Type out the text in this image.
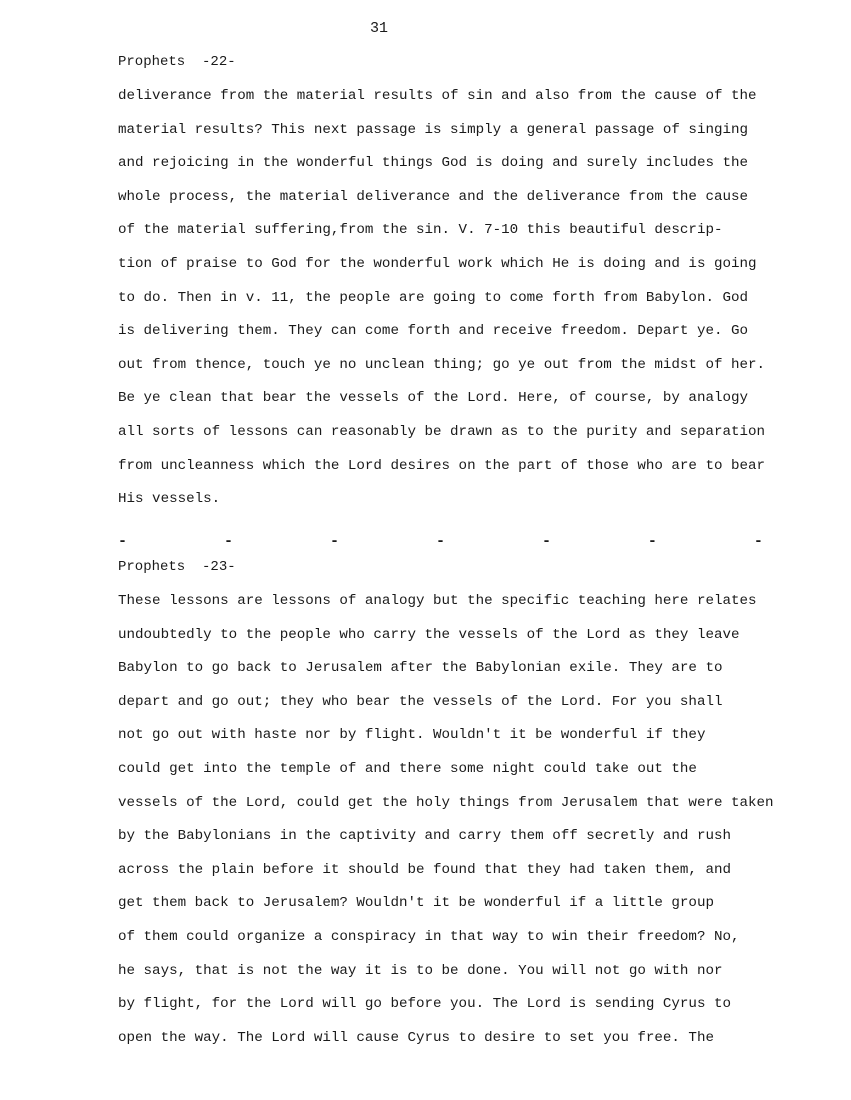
31
Prophets  -22-
deliverance from the material results of sin and also from the cause of the
material results? This next passage is simply a general passage of singing
and rejoicing in the wonderful things God is doing and surely includes the
whole process, the material deliverance and the deliverance from the cause
of the material suffering,from the sin. V. 7-10 this beautiful descrip-
tion of praise to God for the wonderful work which He is doing and is going
to do. Then in v. 11, the people are going to come forth from Babylon. God
is delivering them. They can come forth and receive freedom. Depart ye. Go
out from thence, touch ye no unclean thing; go ye out from the midst of her.
Be ye clean that bear the vessels of the Lord. Here, of course, by analogy
all sorts of lessons can reasonably be drawn as to the purity and separation
from uncleanness which the Lord desires on the part of those who are to bear
His vessels.
-	-	-	-	-	-	-
Prophets  -23-
These lessons are lessons of analogy but the specific teaching here relates
undoubtedly to the people who carry the vessels of the Lord as they leave
Babylon to go back to Jerusalem after the Babylonian exile. They are to
depart and go out; they who bear the vessels of the Lord. For you shall
not go out with haste nor by flight. Wouldn't it be wonderful if they
could get into the temple of and there some night could take out the
vessels of the Lord, could get the holy things from Jerusalem that were taken
by the Babylonians in the captivity and carry them off secretly and rush
across the plain before it should be found that they had taken them, and
get them back to Jerusalem? Wouldn't it be wonderful if a little group
of them could organize a conspiracy in that way to win their freedom? No,
he says, that is not the way it is to be done. You will not go with nor
by flight, for the Lord will go before you. The Lord is sending Cyrus to
open the way. The Lord will cause Cyrus to desire to set you free. The
